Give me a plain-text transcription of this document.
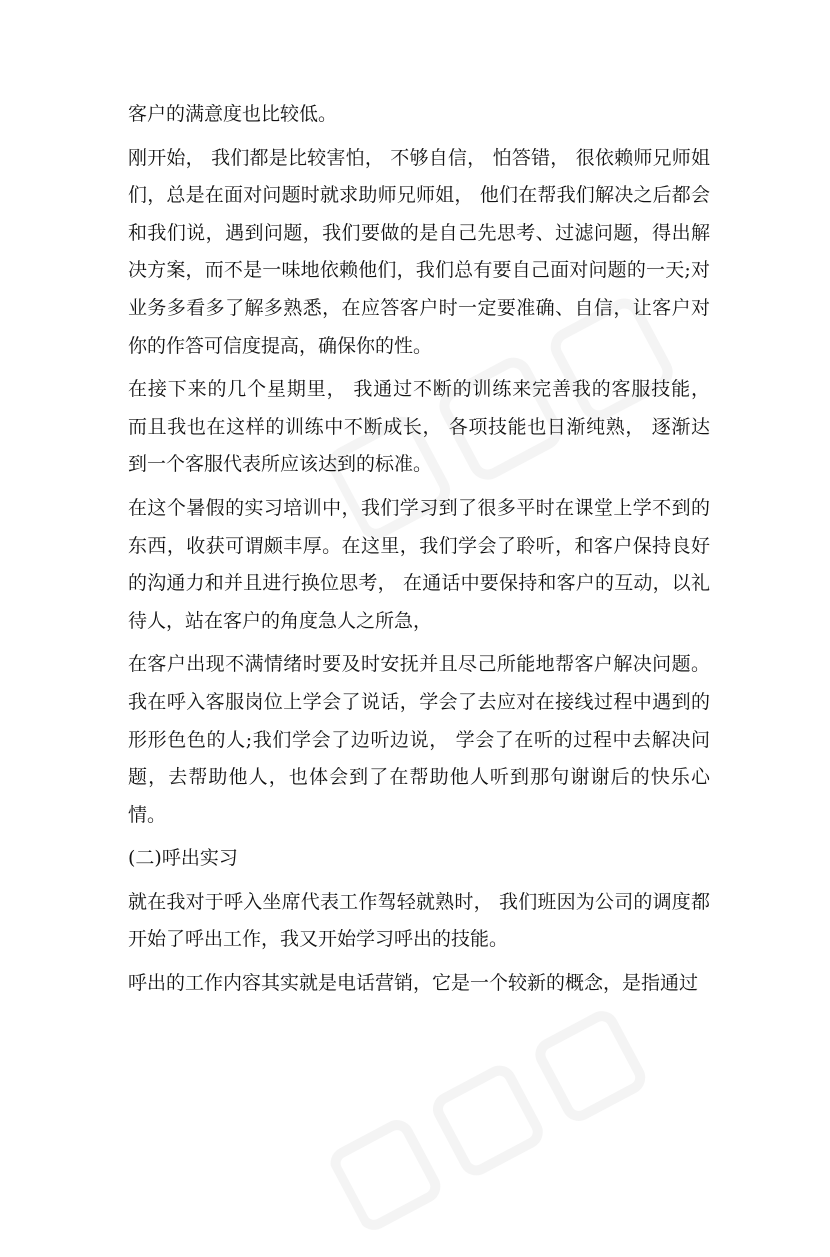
客户的满意度也比较低。

刚开始， 我们都是比较害怕， 不够自信， 怕答错， 很依赖师兄师姐们，总是在面对问题时就求助师兄师姐， 他们在帮我们解决之后都会和我们说，遇到问题，我们要做的是自己先思考、过滤问题，得出解决方案，而不是一味地依赖他们，我们总有要自己面对问题的一天;对业务多看多了解多熟悉，在应答客户时一定要准确、自信，让客户对你的作答可信度提高，确保你的性。

在接下来的几个星期里， 我通过不断的训练来完善我的客服技能， 而且我也在这样的训练中不断成长， 各项技能也日渐纯熟， 逐渐达到一个客服代表所应该达到的标准。

在这个暑假的实习培训中，我们学习到了很多平时在课堂上学不到的东西，收获可谓颇丰厚。在这里，我们学会了聆听，和客户保持良好的沟通力和并且进行换位思考， 在通话中要保持和客户的互动，以礼待人，站在客户的角度急人之所急，

在客户出现不满情绪时要及时安抚并且尽己所能地帮客户解决问题。我在呼入客服岗位上学会了说话，学会了去应对在接线过程中遇到的形形色色的人;我们学会了边听边说， 学会了在听的过程中去解决问题，去帮助他人，也体会到了在帮助他人听到那句谢谢后的快乐心情。

(二)呼出实习

就在我对于呼入坐席代表工作驾轻就熟时， 我们班因为公司的调度都开始了呼出工作，我又开始学习呼出的技能。

呼出的工作内容其实就是电话营销，它是一个较新的概念，是指通过
